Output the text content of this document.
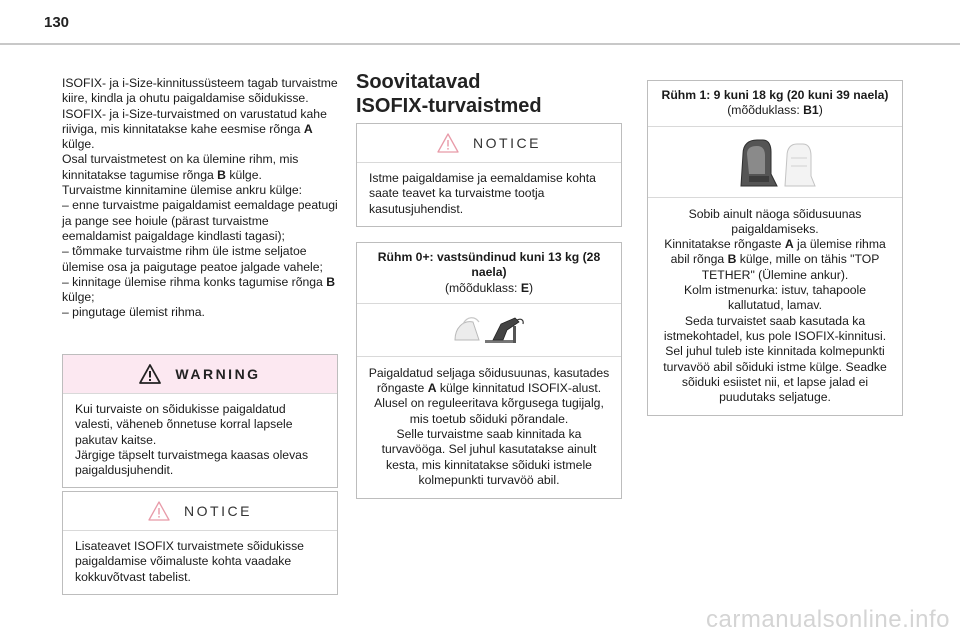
130
ISOFIX- ja i-Size-kinnitussüsteem tagab turvaistme kiire, kindla ja ohutu paigaldamise sõidukisse.
ISOFIX- ja i-Size-turvaistmed on varustatud kahe riiviga, mis kinnitatakse kahe eesmise rõnga A külge.
Osal turvaistmetest on ka ülemine rihm, mis kinnitatakse tagumise rõnga B külge.
Turvaistme kinnitamine ülemise ankru külge:
– enne turvaistme paigaldamist eemaldage peatugi ja pange see hoiule (pärast turvaistme eemaldamist paigaldage kindlasti tagasi);
– tõmmake turvaistme rihm üle istme seljatoe ülemise osa ja paigutage peatoe jalgade vahele;
– kinnitage ülemise rihma konks tagumise rõnga B külge;
– pingutage ülemist rihma.
WARNING
Kui turvaiste on sõidukisse paigaldatud valesti, väheneb õnnetuse korral lapsele pakutav kaitse.
Järgige täpselt turvaistmega kaasas olevas paigaldusjuhendit.
NOTICE
Lisateavet ISOFIX turvaistmete sõidukisse paigaldamise võimaluste kohta vaadake kokkuvõtvast tabelist.
Soovitatavad
ISOFIX-turvaistmed
NOTICE
Istme paigaldamise ja eemaldamise kohta saate teavet ka turvaistme tootja kasutusjuhendist.
Rühm 0+: vastsündinud kuni 13 kg (28 naela)
(mõõduklass: E)
Paigaldatud seljaga sõidusuunas, kasutades rõngaste A külge kinnitatud ISOFIX-alust.
Alusel on reguleeritava kõrgusega tugijalg, mis toetub sõiduki põrandale.
Selle turvaistme saab kinnitada ka turvavööga. Sel juhul kasutatakse ainult kesta, mis kinnitatakse sõiduki istmele kolmepunkti turvavöö abil.
Rühm 1: 9 kuni 18 kg (20 kuni 39 naela)
(mõõduklass: B1)
Sobib ainult näoga sõidusuunas paigaldamiseks.
Kinnitatakse rõngaste A ja ülemise rihma abil rõnga B külge, mille on tähis "TOP TETHER" (Ülemine ankur).
Kolm istmenurka: istuv, tahapoole kallutatud, lamav.
Seda turvaistet saab kasutada ka istmekohtadel, kus pole ISOFIX-kinnitusi.
Sel juhul tuleb iste kinnitada kolmepunkti turvavöö abil sõiduki istme külge. Seadke sõiduki esiistet nii, et lapse jalad ei puudutaks seljatuge.
carmanualsonline.info
